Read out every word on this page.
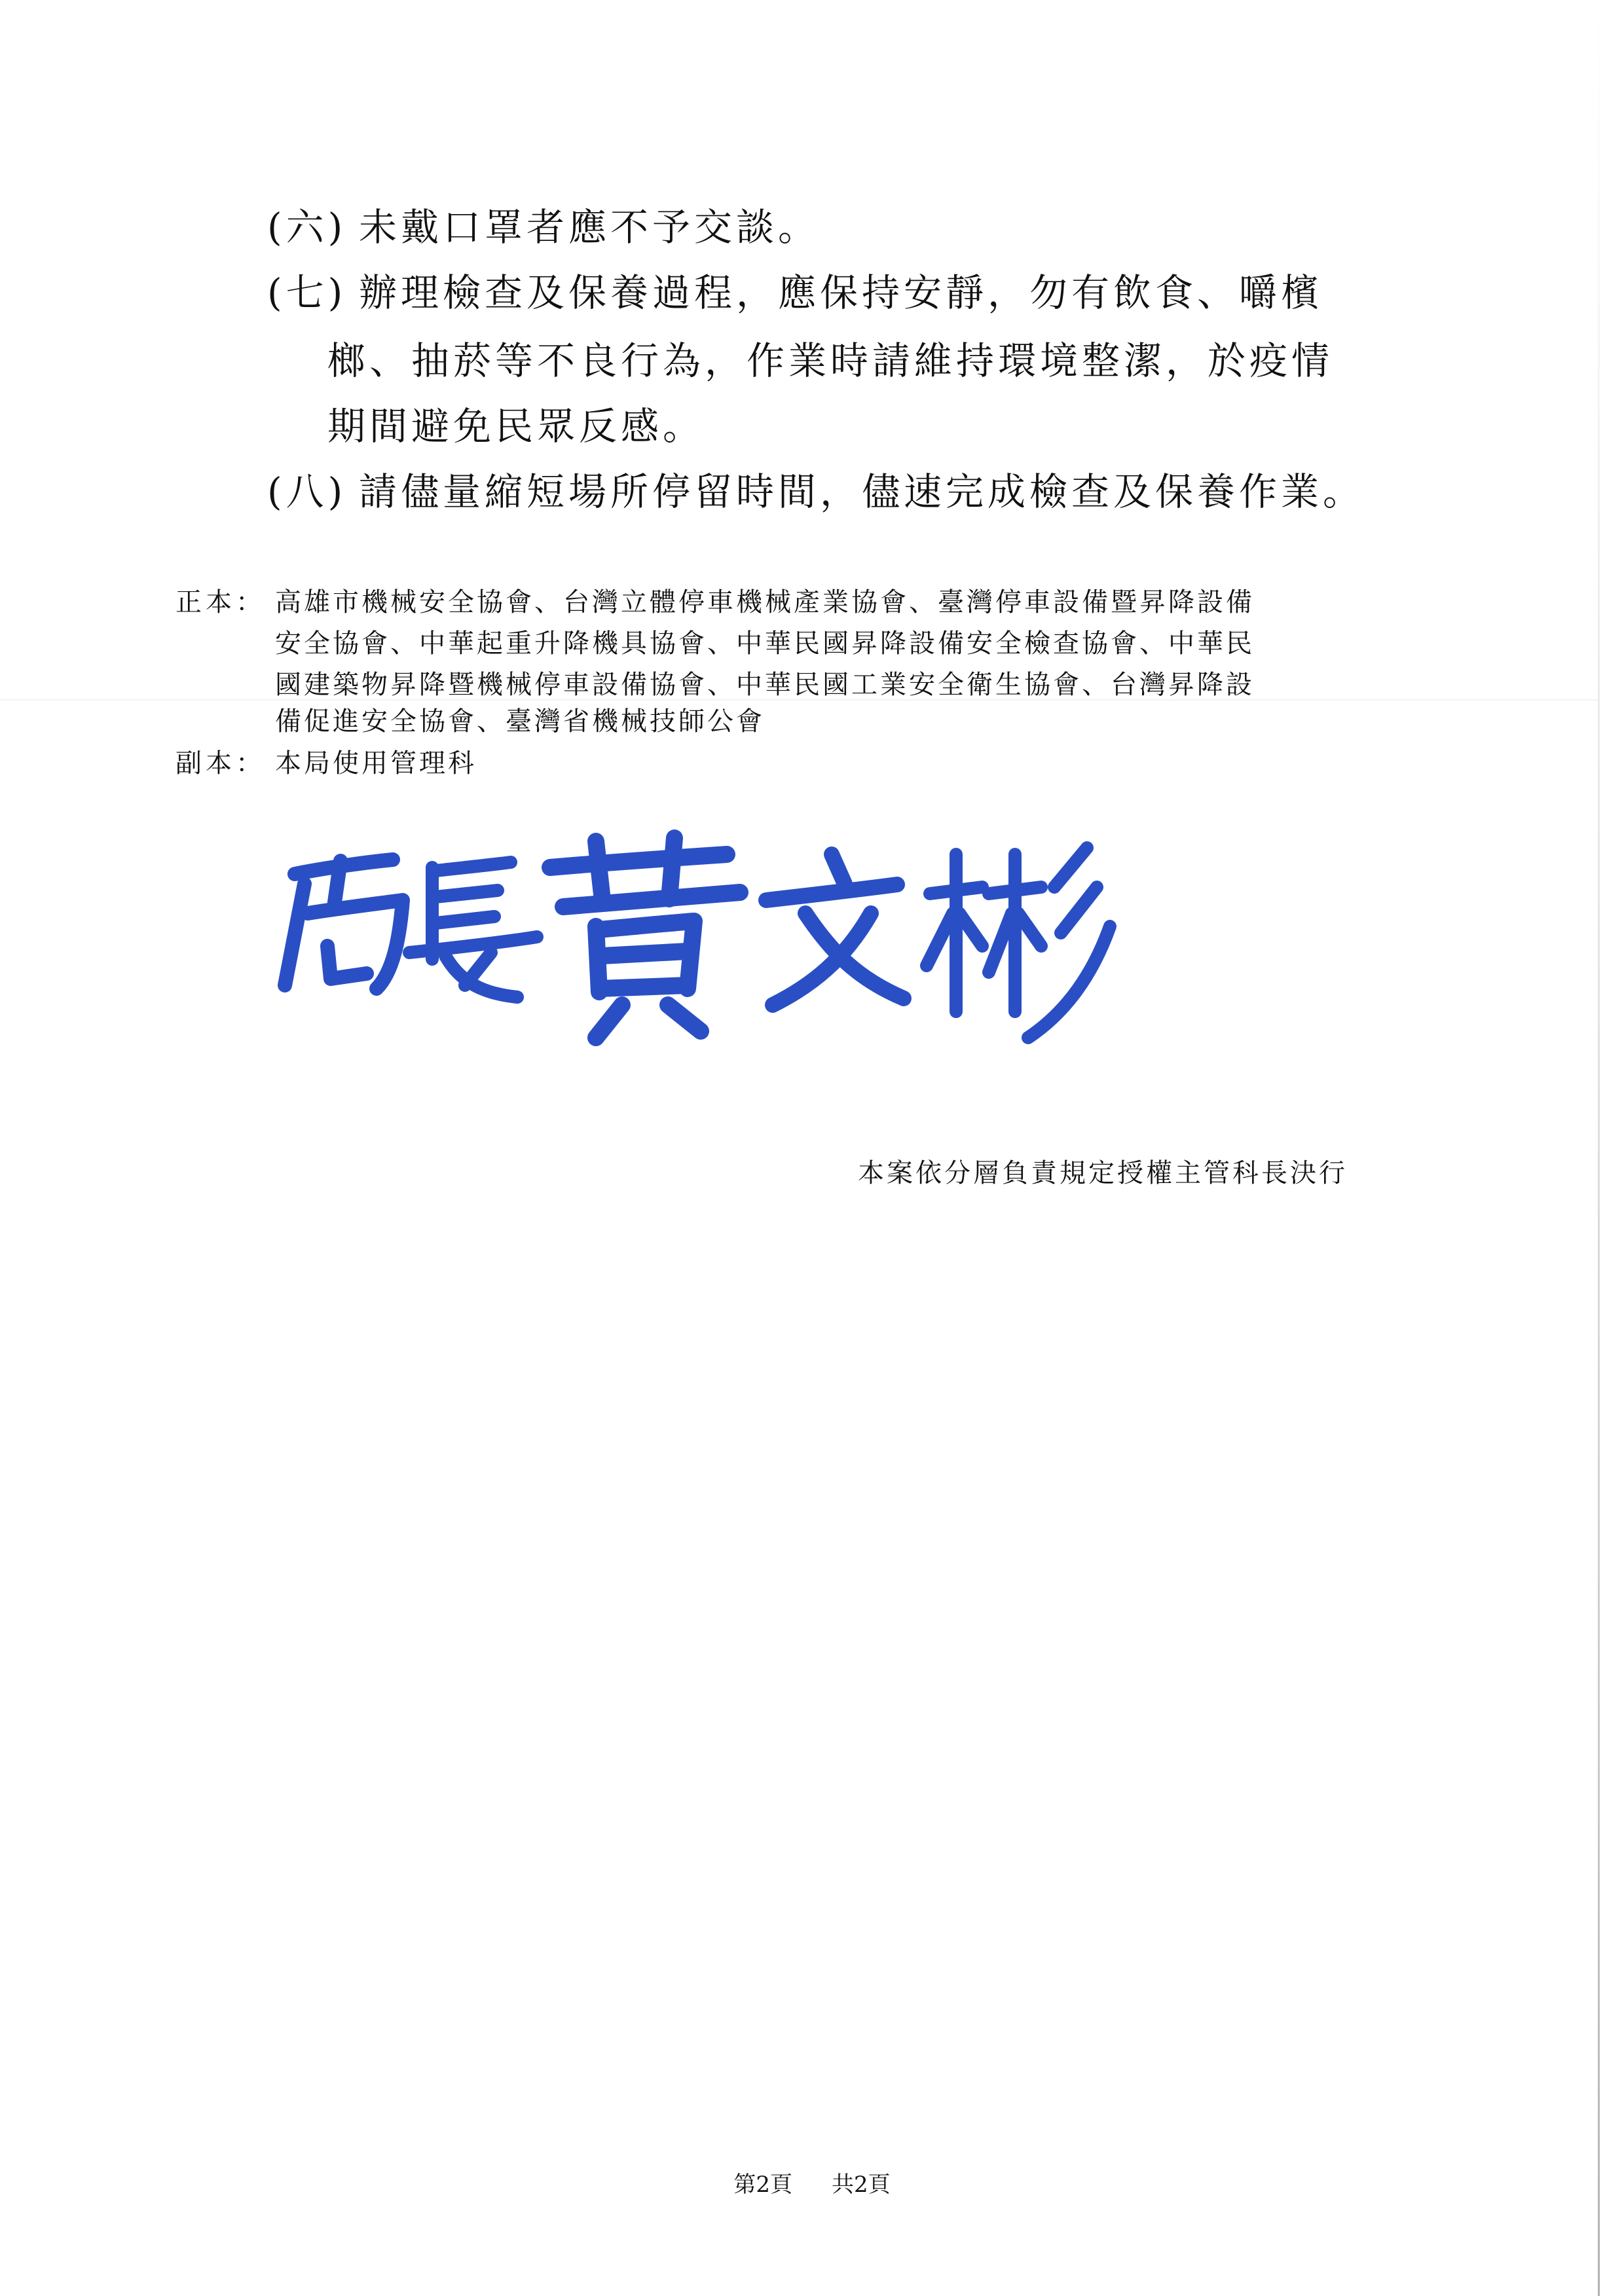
(六) 未戴口罩者應不予交談。
(七) 辦理檢查及保養過程，應保持安靜，勿有飲食、嚼檳
榔、抽菸等不良行為，作業時請維持環境整潔，於疫情
期間避免民眾反感。
(八) 請儘量縮短場所停留時間，儘速完成檢查及保養作業。
正本： 高雄市機械安全協會、台灣立體停車機械產業協會、臺灣停車設備暨昇降設備
安全協會、中華起重升降機具協會、中華民國昇降設備安全檢查協會、中華民
國建築物昇降暨機械停車設備協會、中華民國工業安全衛生協會、台灣昇降設
備促進安全協會、臺灣省機械技師公會
副本： 本局使用管理科
本案依分層負責規定授權主管科長決行
第2頁 共2頁
